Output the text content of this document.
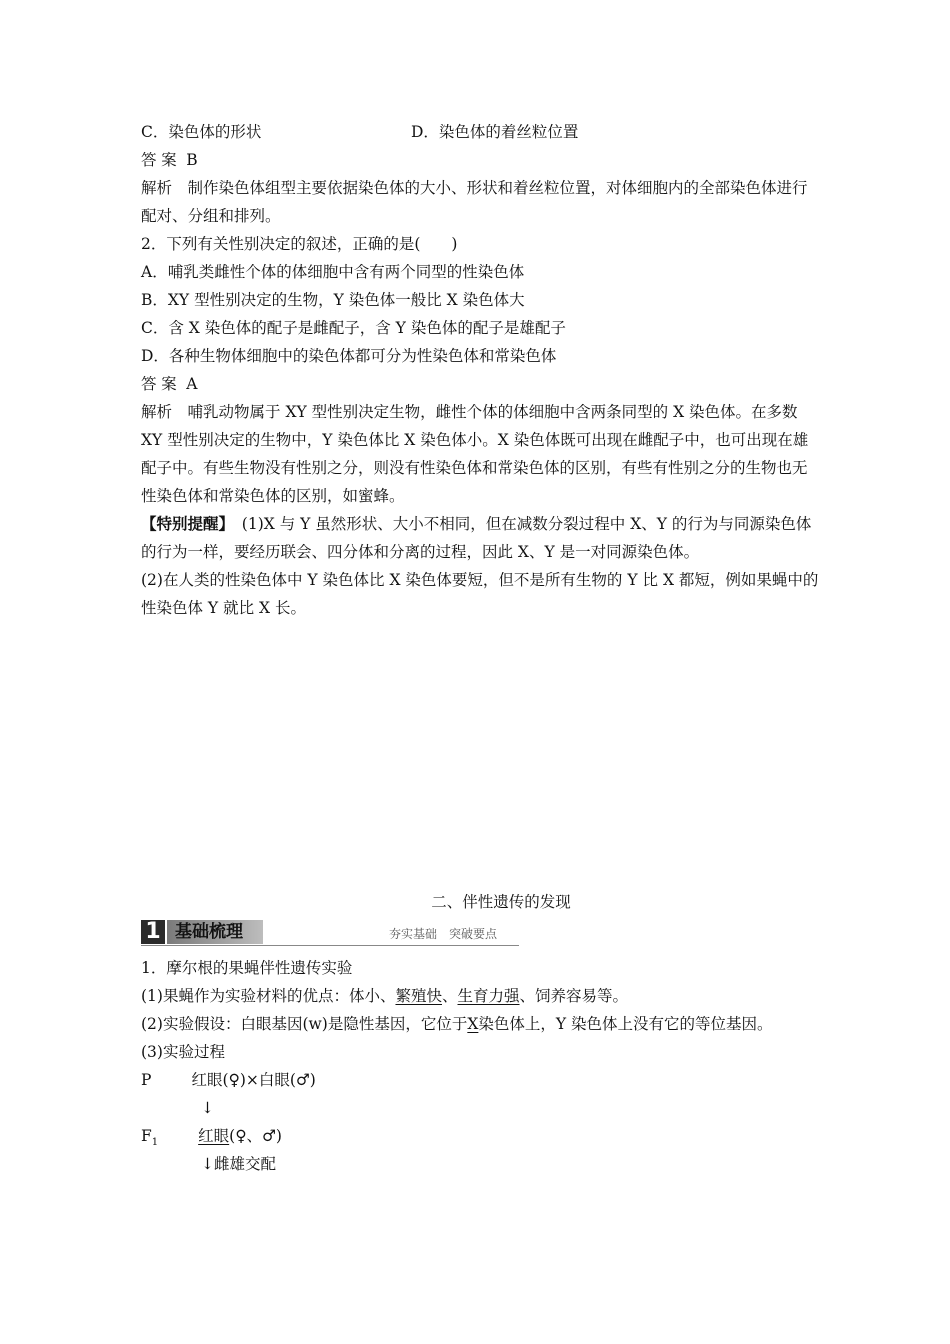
C．染色体的形状	D．染色体的着丝粒位置
答案 B
解析　 制作染色体组型主要依据染色体的大小、形状和着丝粒位置，对体细胞内的全部染色体进行配对、分组和排列。
2．下列有关性别决定的叙述，正确的是(　　)
A．哺乳类雌性个体的体细胞中含有两个同型的性染色体
B．XY 型性别决定的生物，Y 染色体一般比 X 染色体大
C．含 X 染色体的配子是雌配子，含 Y 染色体的配子是雄配子
D．各种生物体细胞中的染色体都可分为性染色体和常染色体
答案 A
解析　 哺乳动物属于 XY 型性别决定生物，雌性个体的体细胞中含两条同型的 X 染色体。在多数 XY 型性别决定的生物中，Y 染色体比 X 染色体小。X 染色体既可出现在雌配子中，也可出现在雄配子中。有些生物没有性别之分，则没有性染色体和常染色体的区别，有些有性别之分的生物也无性染色体和常染色体的区别，如蜜蜂。
【特别提醒】　 (1)X 与 Y 虽然形状、大小不相同，但在减数分裂过程中 X、Y 的行为与同源染色体的行为一样，要经历联会、四分体和分离的过程，因此 X、Y 是一对同源染色体。
(2)在人类的性染色体中 Y 染色体比 X 染色体要短，但不是所有生物的 Y 比 X 都短，例如果蝇中的性染色体 Y 就比 X 长。
二、伴性遗传的发现
1 基础梳理	夯实基础　突破要点
1．摩尔根的果蝇伴性遗传实验
(1)果蝇作为实验材料的优点：体小、繁殖快、生育力强、饲养容易等。
(2)实验假设：白眼基因(w)是隐性基因，它位于X染色体上，Y 染色体上没有它的等位基因。
(3)实验过程
P	红眼(♀)×白眼(♂)
↓
$F_1$	红眼(♀、♂)
↓雌雄交配
